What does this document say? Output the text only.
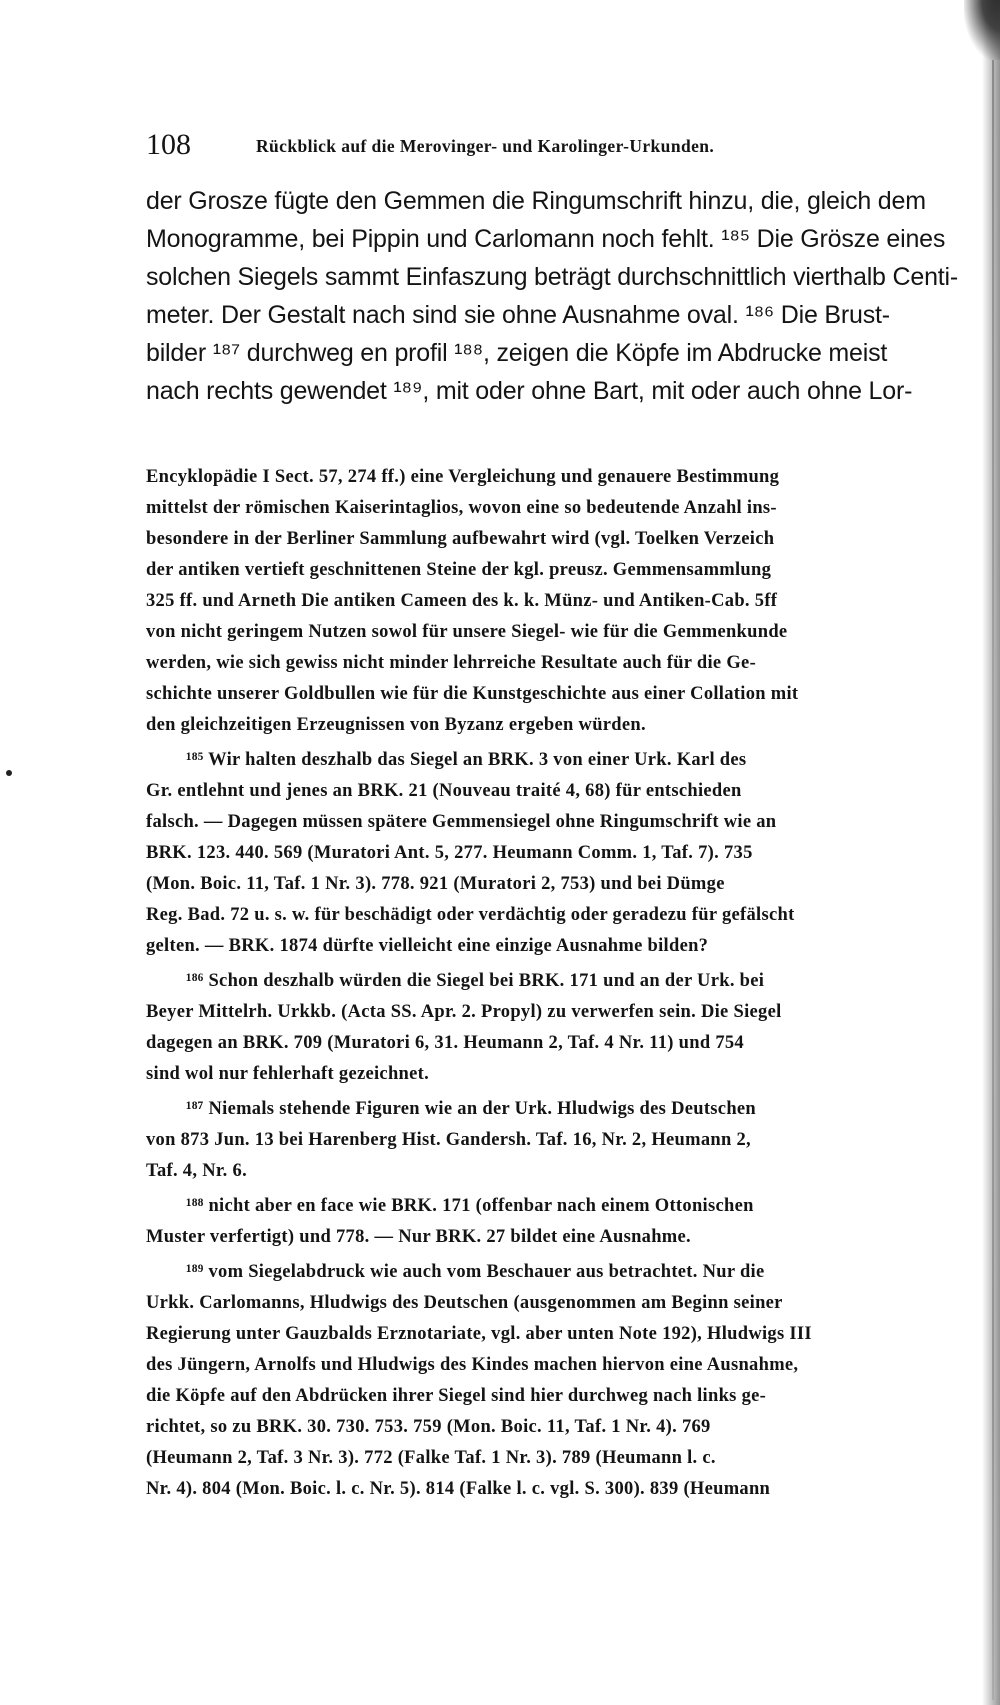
108	Rückblick auf die Merovinger- und Karolinger-Urkunden.
der Grosze fügte den Gemmen die Ringumschrift hinzu, die, gleich dem
Monogramme, bei Pippin und Carlomann noch fehlt. ¹⁸⁵ Die Grösze eines
solchen Siegels sammt Einfaszung beträgt durchschnittlich vierthalb Centi-
meter. Der Gestalt nach sind sie ohne Ausnahme oval. ¹⁸⁶ Die Brust-
bilder ¹⁸⁷ durchweg en profil ¹⁸⁸, zeigen die Köpfe im Abdrucke meist
nach rechts gewendet ¹⁸⁹, mit oder ohne Bart, mit oder auch ohne Lor-
Encyklopädie I Sect. 57, 274 ff.) eine Vergleichung und genauere Bestimmung
mittelst der römischen Kaiserintaglios, wovon eine so bedeutende Anzahl ins-
besondere in der Berliner Sammlung aufbewahrt wird (vgl. Toelken Verzeich
der antiken vertieft geschnittenen Steine der kgl. preusz. Gemmensammlung
325 ff. und Arneth Die antiken Cameen des k. k. Münz- und Antiken-Cab. 5ff
von nicht geringem Nutzen sowol für unsere Siegel- wie für die Gemmenkunde
werden, wie sich gewiss nicht minder lehrreiche Resultate auch für die Ge-
schichte unserer Goldbullen wie für die Kunstgeschichte aus einer Collation mit
den gleichzeitigen Erzeugnissen von Byzanz ergeben würden.
¹⁸⁵ Wir halten deszhalb das Siegel an BRK. 3 von einer Urk. Karl des
Gr. entlehnt und jenes an BRK. 21 (Nouveau traité 4, 68) für entschieden
falsch. — Dagegen müssen spätere Gemmensiegel ohne Ringumschrift wie an
BRK. 123. 440. 569 (Muratori Ant. 5, 277. Heumann Comm. 1, Taf. 7). 735
(Mon. Boic. 11, Taf. 1 Nr. 3). 778. 921 (Muratori 2, 753) und bei Dümge
Reg. Bad. 72 u. s. w. für beschädigt oder verdächtig oder geradezu für gefälscht
gelten. — BRK. 1874 dürfte vielleicht eine einzige Ausnahme bilden?
¹⁸⁶ Schon deszhalb würden die Siegel bei BRK. 171 und an der Urk. bei
Beyer Mittelrh. Urkkb. (Acta SS. Apr. 2. Propyl) zu verwerfen sein. Die Siegel
dagegen an BRK. 709 (Muratori 6, 31. Heumann 2, Taf. 4 Nr. 11) und 754
sind wol nur fehlerhaft gezeichnet.
¹⁸⁷ Niemals stehende Figuren wie an der Urk. Hludwigs des Deutschen
von 873 Jun. 13 bei Harenberg Hist. Gandersh. Taf. 16, Nr. 2, Heumann 2,
Taf. 4, Nr. 6.
¹⁸⁸ nicht aber en face wie BRK. 171 (offenbar nach einem Ottonischen
Muster verfertigt) und 778. — Nur BRK. 27 bildet eine Ausnahme.
¹⁸⁹ vom Siegelabdruck wie auch vom Beschauer aus betrachtet. Nur die
Urkk. Carlomanns, Hludwigs des Deutschen (ausgenommen am Beginn seiner
Regierung unter Gauzbalds Erznotariate, vgl. aber unten Note 192), Hludwigs III
des Jüngern, Arnolfs und Hludwigs des Kindes machen hiervon eine Ausnahme,
die Köpfe auf den Abdrücken ihrer Siegel sind hier durchweg nach links ge-
richtet, so zu BRK. 30. 730. 753. 759 (Mon. Boic. 11, Taf. 1 Nr. 4). 769
(Heumann 2, Taf. 3 Nr. 3). 772 (Falke Taf. 1 Nr. 3). 789 (Heumann l. c.
Nr. 4). 804 (Mon. Boic. l. c. Nr. 5). 814 (Falke l. c. vgl. S. 300). 839 (Heumann
